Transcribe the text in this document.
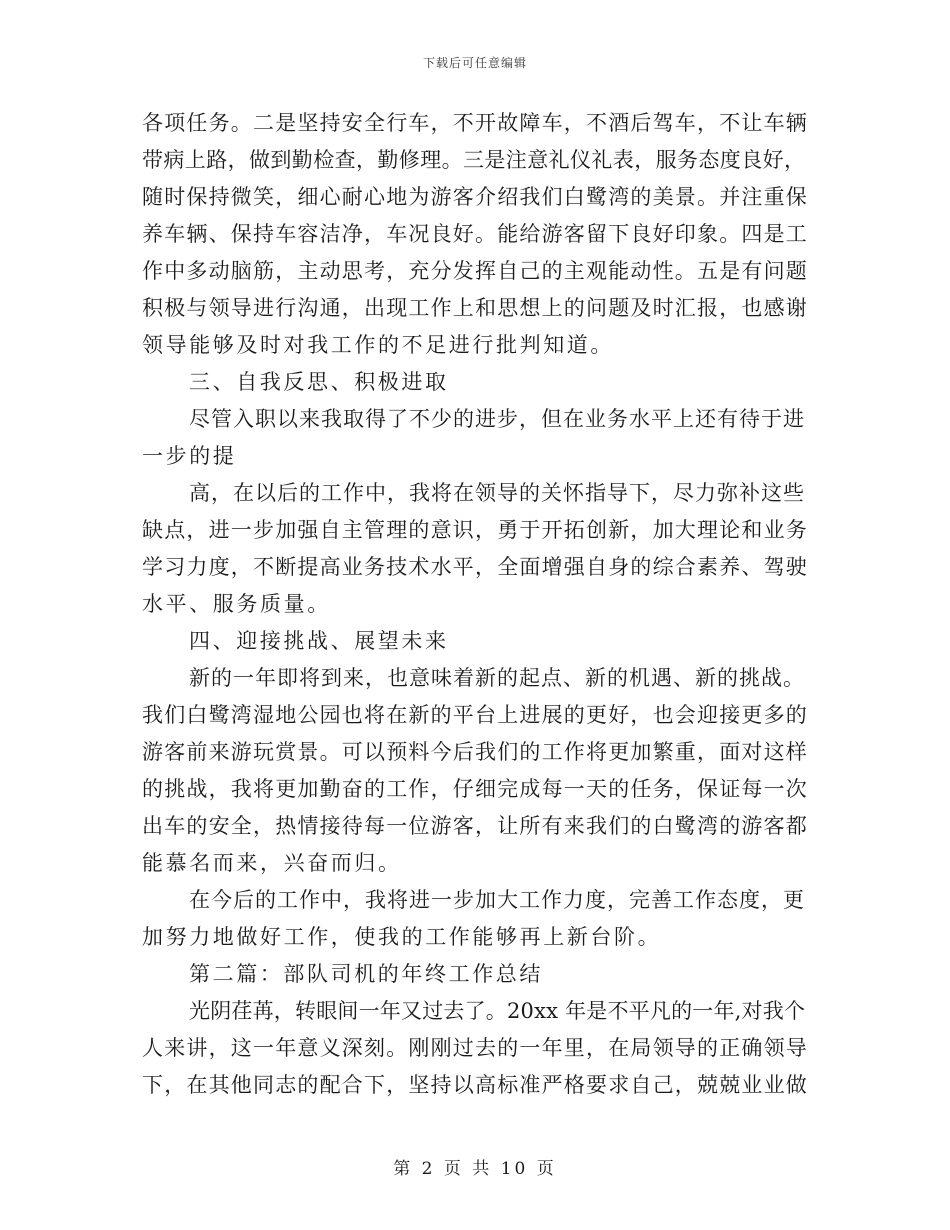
下载后可任意编辑
各项任务。二是坚持安全行车，不开故障车，不酒后驾车，不让车辆
带病上路，做到勤检查，勤修理。三是注意礼仪礼表，服务态度良好，
随时保持微笑，细心耐心地为游客介绍我们白鹭湾的美景。并注重保
养车辆、保持车容洁净，车况良好。能给游客留下良好印象。四是工
作中多动脑筋，主动思考，充分发挥自己的主观能动性。五是有问题
积极与领导进行沟通，出现工作上和思想上的问题及时汇报，也感谢
领导能够及时对我工作的不足进行批判知道。
三、自我反思、积极进取
尽管入职以来我取得了不少的进步，但在业务水平上还有待于进
一步的提
高，在以后的工作中，我将在领导的关怀指导下，尽力弥补这些
缺点，进一步加强自主管理的意识，勇于开拓创新，加大理论和业务
学习力度，不断提高业务技术水平，全面增强自身的综合素养、驾驶
水平、服务质量。
四、迎接挑战、展望未来
新的一年即将到来，也意味着新的起点、新的机遇、新的挑战。
我们白鹭湾湿地公园也将在新的平台上进展的更好，也会迎接更多的
游客前来游玩赏景。可以预料今后我们的工作将更加繁重，面对这样
的挑战，我将更加勤奋的工作，仔细完成每一天的任务，保证每一次
出车的安全，热情接待每一位游客，让所有来我们的白鹭湾的游客都
能慕名而来，兴奋而归。
在今后的工作中，我将进一步加大工作力度，完善工作态度，更
加努力地做好工作，使我的工作能够再上新台阶。
第二篇：部队司机的年终工作总结
光阴荏苒，转眼间一年又过去了。20xx 年是不平凡的一年,对我个
人来讲，这一年意义深刻。刚刚过去的一年里，在局领导的正确领导
下，在其他同志的配合下，坚持以高标准严格要求自己，兢兢业业做
第 2 页 共 10 页
